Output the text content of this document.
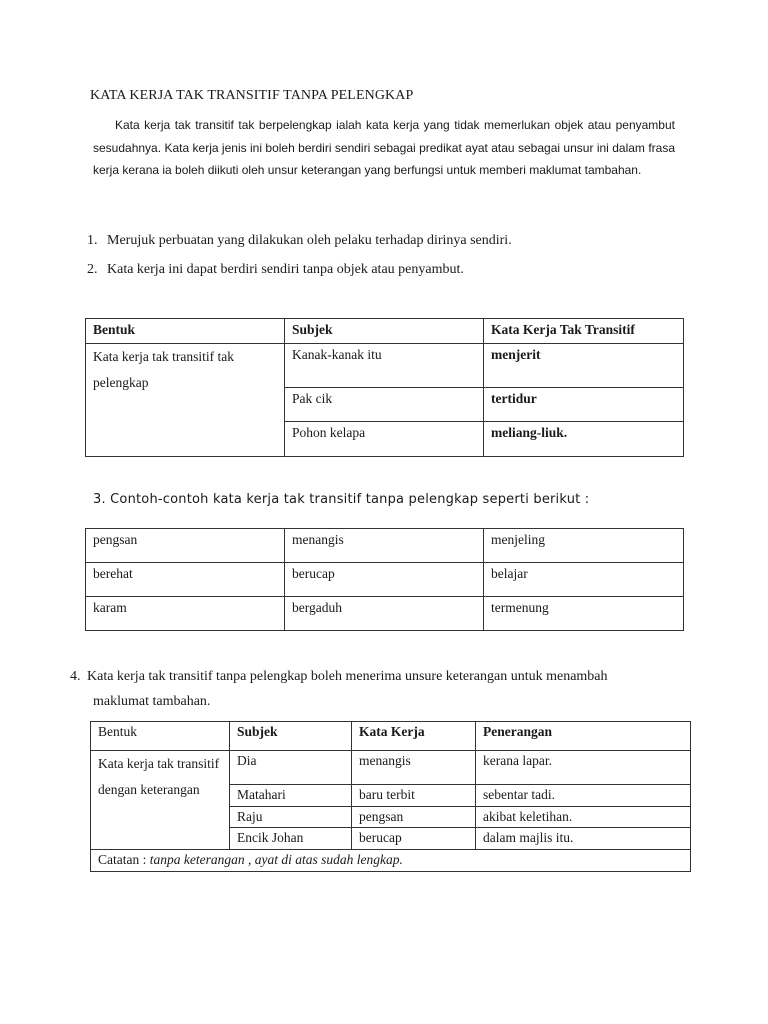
KATA KERJA TAK TRANSITIF TANPA PELENGKAP
Kata kerja tak transitif tak berpelengkap ialah kata kerja yang tidak memerlukan objek atau penyambut sesudahnya. Kata kerja jenis ini boleh berdiri sendiri sebagai predikat ayat atau sebagai unsur ini dalam frasa kerja kerana ia boleh diikuti oleh unsur keterangan yang berfungsi untuk memberi maklumat tambahan.
1. Merujuk perbuatan yang dilakukan oleh pelaku terhadap dirinya sendiri.
2. Kata kerja ini dapat berdiri sendiri tanpa objek atau penyambut.
Bentuk	Subjek	Kata Kerja Tak Transitif
Kata kerja tak transitif tak pelengkap	Kanak-kanak itu	menjerit
	Pak cik	tertidur
	Pohon kelapa	meliang-liuk.
3. Contoh-contoh kata kerja tak transitif tanpa pelengkap seperti berikut :
pengsan	menangis	menjeling
berehat	berucap	belajar
karam	bergaduh	termenung
4. Kata kerja tak transitif tanpa pelengkap boleh menerima unsure keterangan untuk menambah
maklumat tambahan.
Bentuk	Subjek	Kata Kerja	Penerangan
Kata kerja tak transitif dengan keterangan	Dia	menangis	kerana lapar.
	Matahari	baru terbit	sebentar tadi.
	Raju	pengsan	akibat keletihan.
	Encik Johan	berucap	dalam majlis itu.
Catatan : tanpa keterangan , ayat di atas sudah lengkap.			
